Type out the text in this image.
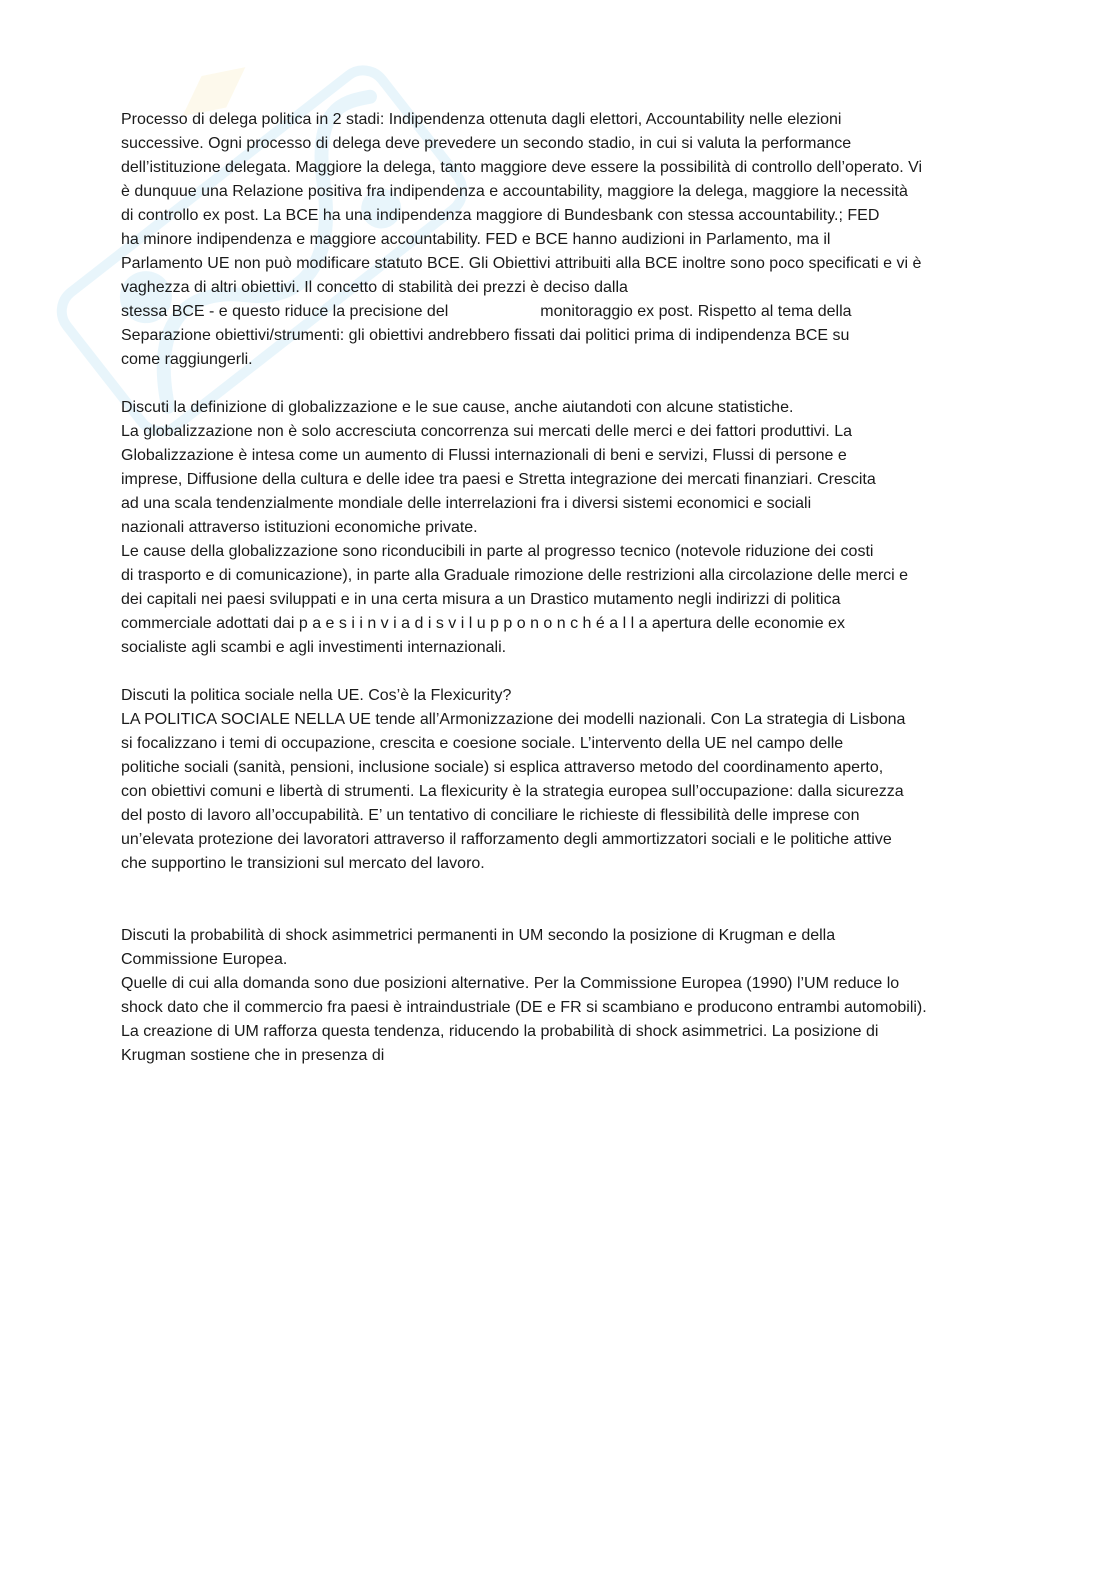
Processo di delega politica in 2 stadi: Indipendenza ottenuta dagli elettori, Accountability nelle elezioni
successive. Ogni processo di delega deve prevedere un secondo stadio, in cui si valuta la performance
dell’istituzione delegata. Maggiore la delega, tanto maggiore deve essere la possibilità di controllo dell’operato. Vi
è dunquue una Relazione positiva fra indipendenza e accountability, maggiore la delega, maggiore la necessità
di controllo ex post. La BCE ha una indipendenza maggiore di Bundesbank con stessa accountability.; FED
ha minore indipendenza e maggiore accountability. FED e BCE hanno audizioni in Parlamento, ma il
Parlamento UE non può modificare statuto BCE. Gli Obiettivi attribuiti alla BCE inoltre sono poco specificati e vi è
vaghezza di altri obiettivi. Il concetto di stabilità dei prezzi è deciso dalla
stessa BCE - e questo riduce la precisione del	monitoraggio ex post. Rispetto al tema della
Separazione obiettivi/strumenti: gli obiettivi andrebbero fissati dai politici prima di indipendenza BCE su
come raggiungerli.
Discuti la definizione di globalizzazione e le sue cause, anche aiutandoti con alcune statistiche.
La globalizzazione non è solo accresciuta concorrenza sui mercati delle merci e dei fattori produttivi. La
Globalizzazione è intesa come un aumento di Flussi internazionali di beni e servizi, Flussi di persone e
imprese, Diffusione della cultura e delle idee tra paesi e Stretta integrazione dei mercati finanziari. Crescita
ad una scala tendenzialmente mondiale delle interrelazioni fra i diversi sistemi economici e sociali
nazionali attraverso istituzioni economiche private.
Le cause della globalizzazione sono riconducibili in parte al progresso tecnico (notevole riduzione dei costi
di trasporto e di comunicazione), in parte alla Graduale rimozione delle restrizioni alla circolazione delle merci e
dei capitali nei paesi sviluppati e in una certa misura a un Drastico mutamento negli indirizzi di politica
commerciale adottati dai p a e s i i n v i a d i s v i l u p p o n o n c h é a l l a apertura delle economie ex
socialiste agli scambi e agli investimenti internazionali.
Discuti la politica sociale nella UE. Cos’è la Flexicurity?
LA POLITICA SOCIALE NELLA UE tende all’Armonizzazione dei modelli nazionali. Con La strategia di Lisbona
si focalizzano i temi di occupazione, crescita e coesione sociale. L’intervento della UE nel campo delle
politiche sociali (sanità, pensioni, inclusione sociale) si esplica attraverso metodo del coordinamento aperto,
con obiettivi comuni e libertà di strumenti. La flexicurity è la strategia europea sull’occupazione: dalla sicurezza
del posto di lavoro all’occupabilità. E’ un tentativo di conciliare le richieste di flessibilità delle imprese con
un’elevata protezione dei lavoratori attraverso il rafforzamento degli ammortizzatori sociali e le politiche attive
che supportino le transizioni sul mercato del lavoro.
Discuti la probabilità di shock asimmetrici permanenti in UM secondo la posizione di Krugman e della
Commissione Europea.
Quelle di cui alla domanda sono due posizioni alternative. Per la Commissione Europea (1990) l’UM reduce lo
shock dato che il commercio fra paesi è intraindustriale (DE e FR si scambiano e producono entrambi automobili).
La creazione di UM rafforza questa tendenza, riducendo la probabilità di shock asimmetrici. La posizione di
Krugman sostiene che in presenza di
